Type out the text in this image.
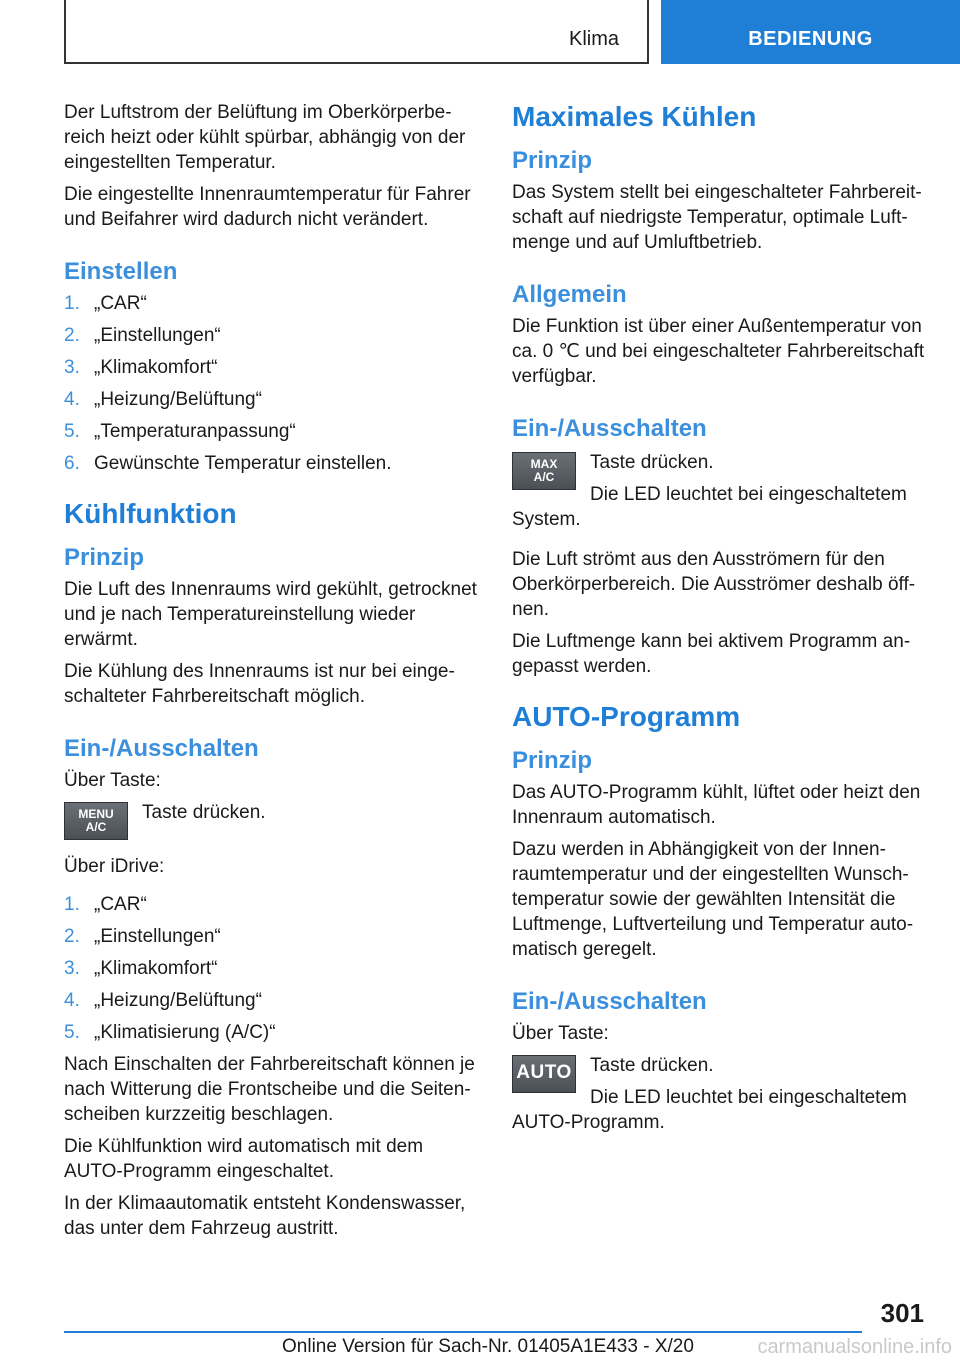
Klima	BEDIENUNG

Der Luftstrom der Belüftung im Oberkörperbereich heizt oder kühlt spürbar, abhängig von der eingestellten Temperatur.

Die eingestellte Innenraumtemperatur für Fahrer und Beifahrer wird dadurch nicht verändert.

Einstellen
1. „CAR“
2. „Einstellungen“
3. „Klimakomfort“
4. „Heizung/Belüftung“
5. „Temperaturanpassung“
6. Gewünschte Temperatur einstellen.
Kühlfunktion
Prinzip

Die Luft des Innenraums wird gekühlt, getrocknet und je nach Temperatureinstellung wieder erwärmt.

Die Kühlung des Innenraums ist nur bei eingeschalteter Fahrbereitschaft möglich.

Ein-/Ausschalten

Über Taste:

MENU
A/C

Taste drücken.

Über iDrive:

1. „CAR“
2. „Einstellungen“
3. „Klimakomfort“
4. „Heizung/Belüftung“
5. „Klimatisierung (A/C)“

Nach Einschalten der Fahrbereitschaft können je nach Witterung die Frontscheibe und die Seitenscheiben kurzzeitig beschlagen.

Die Kühlfunktion wird automatisch mit dem AUTO-Programm eingeschaltet.

In der Klimaautomatik entsteht Kondenswasser, das unter dem Fahrzeug austritt.

Maximales Kühlen
Prinzip

Das System stellt bei eingeschalteter Fahrbereitschaft auf niedrigste Temperatur, optimale Luftmenge und auf Umluftbetrieb.

Allgemein

Die Funktion ist über einer Außentemperatur von ca. 0 ℃ und bei eingeschalteter Fahrbereitschaft verfügbar.

Ein-/Ausschalten
MAX
A/C

Taste drücken.

Die LED leuchtet bei eingeschaltetem System.

Die Luft strömt aus den Ausströmern für den Oberkörperbereich. Die Ausströmer deshalb öffnen.

Die Luftmenge kann bei aktivem Programm angepasst werden.

AUTO-Programm
Prinzip

Das AUTO-Programm kühlt, lüftet oder heizt den Innenraum automatisch.

Dazu werden in Abhängigkeit von der Innenraumtemperatur und der eingestellten Wunschtemperatur sowie der gewählten Intensität die Luftmenge, Luftverteilung und Temperatur automatisch geregelt.

Ein-/Ausschalten

Über Taste:

AUTO Taste drücken.

Die LED leuchtet bei eingeschaltetem AUTO-Programm.

301
Online Version für Sach-Nr. 01405A1E433 - X/20	carmanualsonline.info
